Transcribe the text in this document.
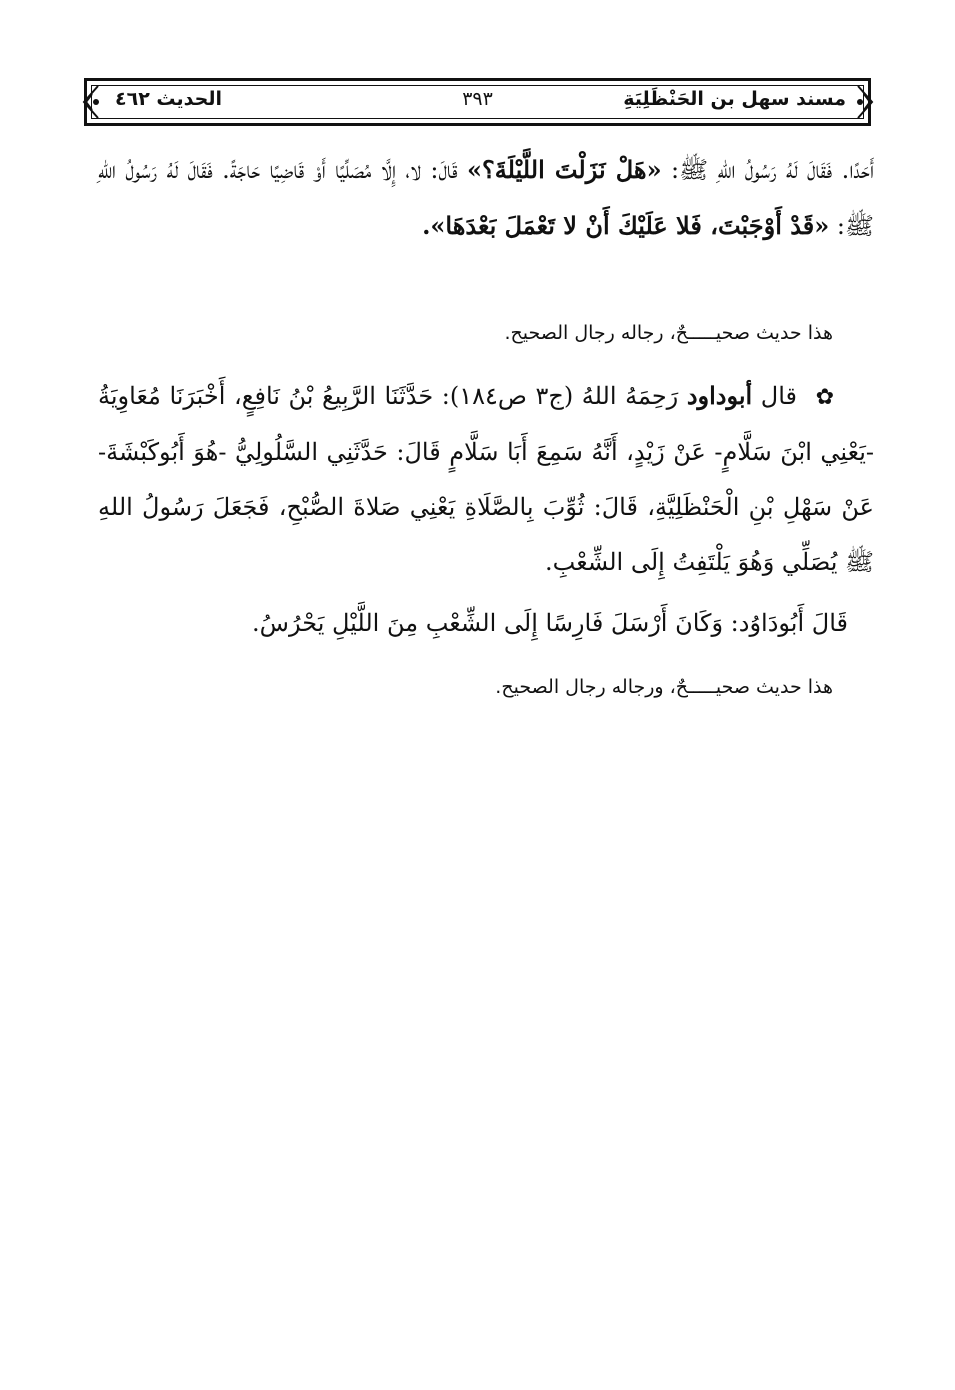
مسند سهل بن الحَنْظَلِيَةِ
٣٩٣
الحديث ٤٦٢
أَحَدًا. فَقَالَ لَهُ رَسُولُ اللهِ ﷺ: «هَلْ نَزَلْتَ اللَّيْلَةَ؟» قَالَ: لا، إِلَّا مُصَلِّيًا أَوْ قَاضِيًا حَاجَةً. فَقَالَ لَهُ رَسُولُ اللهِ ﷺ: «قَدْ أَوْجَبْتَ، فَلا عَلَيْكَ أَنْ لا تَعْمَلَ بَعْدَهَا».
هذا حديث صحيـــــحٌ، رجاله رجال الصحيح.
✿ قال أبوداود رَحِمَهُ اللهُ (ج٣ ص١٨٤): حَدَّثَنَا الرَّبِيعُ بْنُ نَافِعٍ، أَخْبَرَنَا مُعَاوِيَةُ -يَعْنِي ابْنَ سَلَّامٍ- عَنْ زَيْدٍ، أَنَّهُ سَمِعَ أَبَا سَلَّامٍ قَالَ: حَدَّثَنِي السَّلُولِيُّ -هُوَ أَبُوكَبْشَةَ- عَنْ سَهْلِ بْنِ الْحَنْظَلِيَّةِ، قَالَ: ثُوِّبَ بِالصَّلَاةِ يَعْنِي صَلاةَ الصُّبْحِ، فَجَعَلَ رَسُولُ اللهِ ﷺ يُصَلِّي وَهُوَ يَلْتَفِتُ إِلَى الشِّعْبِ.
قَالَ أَبُودَاوُد: وَكَانَ أَرْسَلَ فَارِسًا إِلَى الشِّعْبِ مِنَ اللَّيْلِ يَحْرُسُ.
هذا حديث صحيـــــحٌ، ورجاله رجال الصحيح.
